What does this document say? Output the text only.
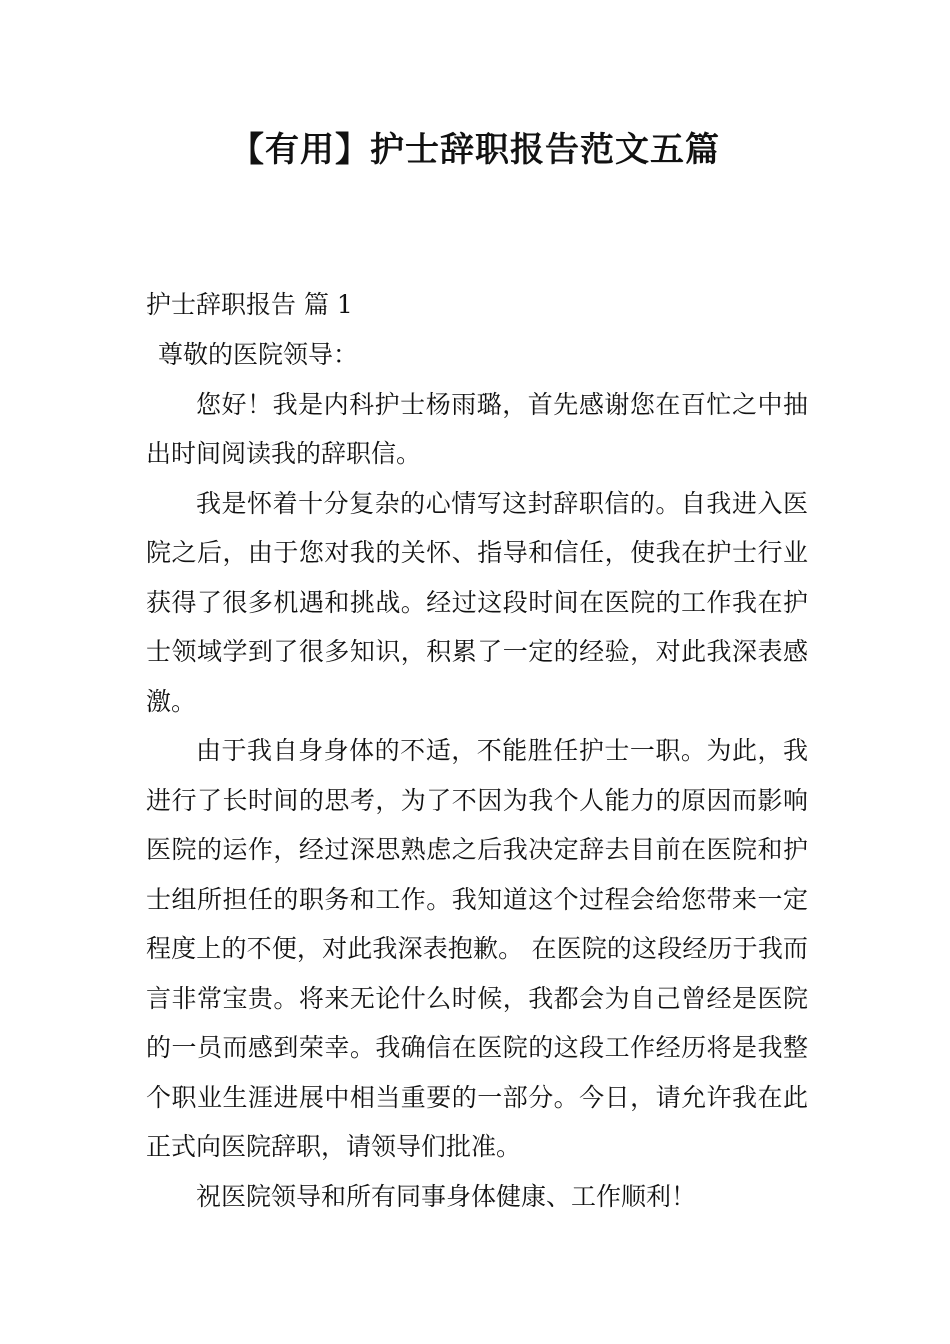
【有用】护士辞职报告范文五篇

护士辞职报告 篇 1

尊敬的医院领导：

您好！我是内科护士杨雨璐，首先感谢您在百忙之中抽出时间阅读我的辞职信。

我是怀着十分复杂的心情写这封辞职信的。自我进入医院之后，由于您对我的关怀、指导和信任，使我在护士行业获得了很多机遇和挑战。经过这段时间在医院的工作我在护士领域学到了很多知识，积累了一定的经验，对此我深表感激。

由于我自身身体的不适，不能胜任护士一职。为此，我进行了长时间的思考，为了不因为我个人能力的原因而影响医院的运作，经过深思熟虑之后我决定辞去目前在医院和护士组所担任的职务和工作。我知道这个过程会给您带来一定程度上的不便，对此我深表抱歉。 在医院的这段经历于我而言非常宝贵。将来无论什么时候，我都会为自己曾经是医院的一员而感到荣幸。我确信在医院的这段工作经历将是我整个职业生涯进展中相当重要的一部分。今日，请允许我在此正式向医院辞职，请领导们批准。

祝医院领导和所有同事身体健康、工作顺利！
